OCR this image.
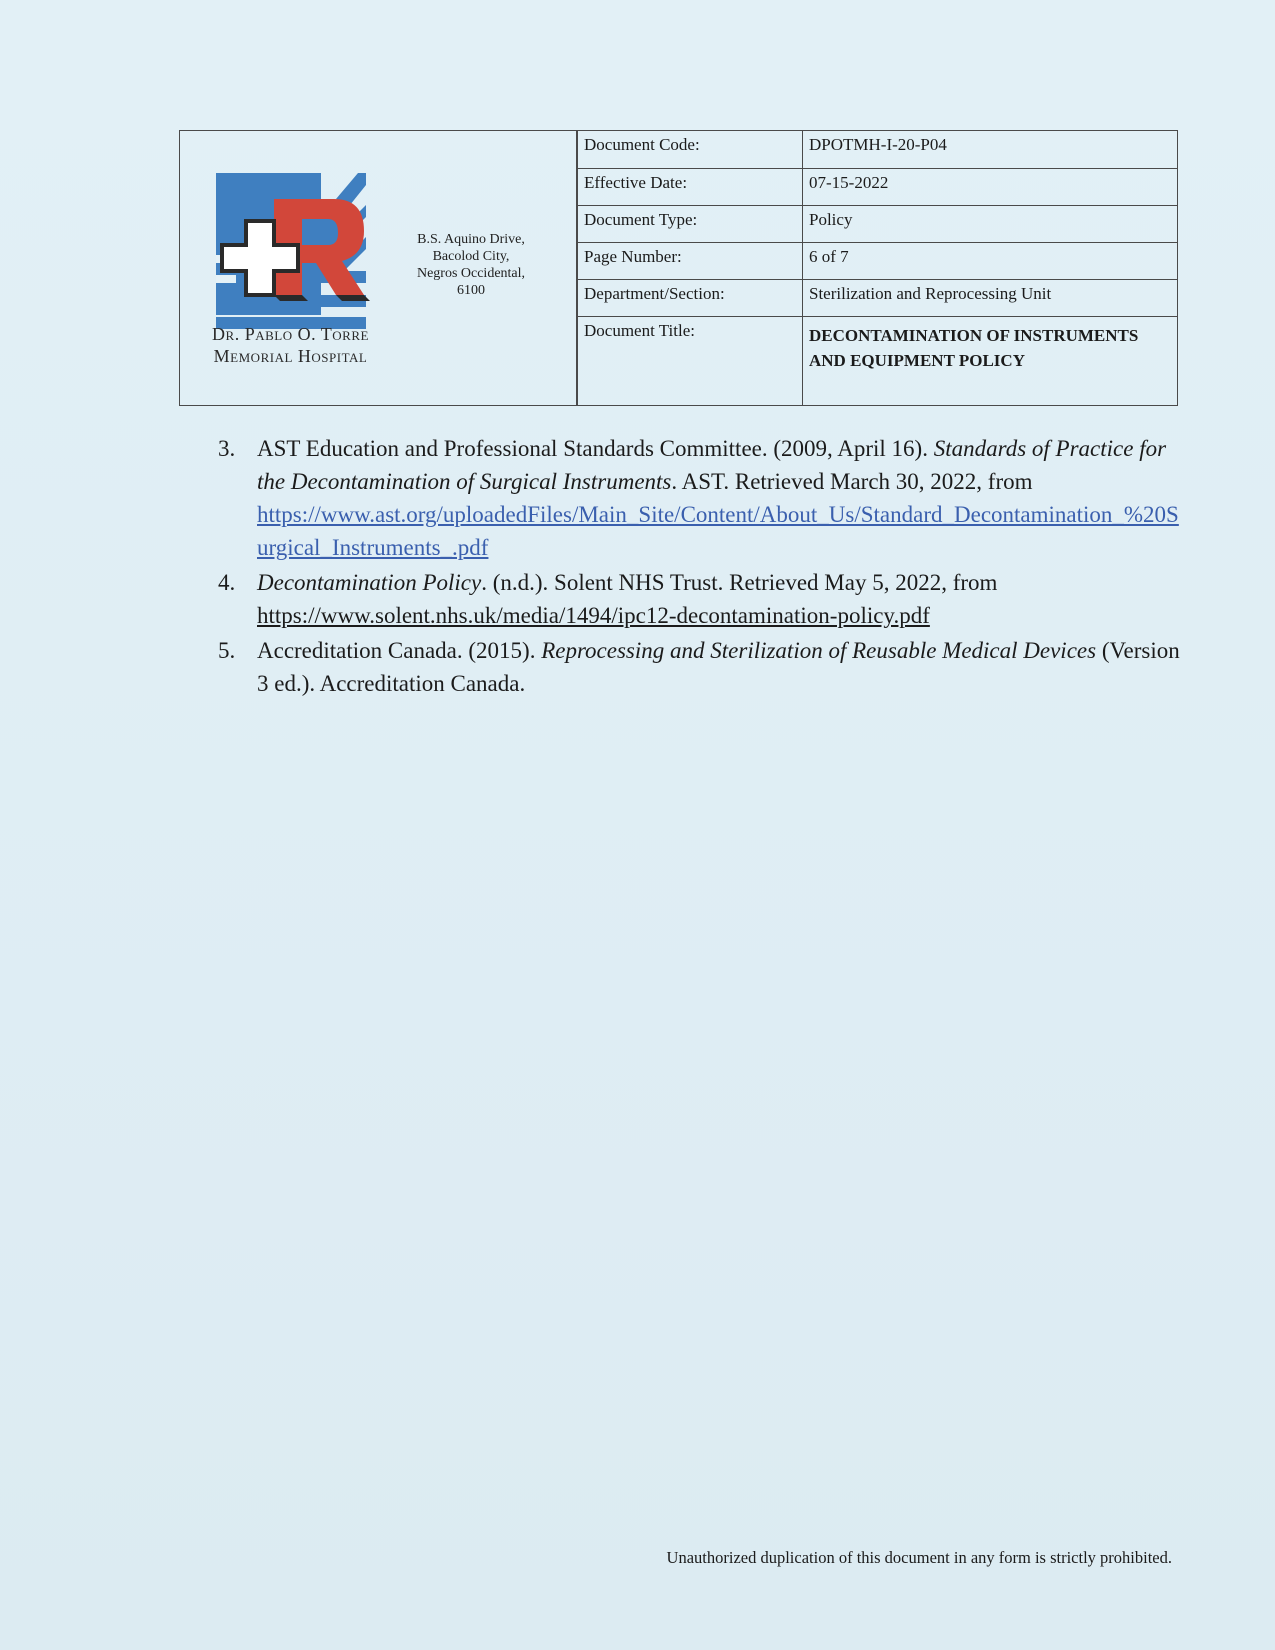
Dr. Pablo O. Torre
Memorial Hospital
B.S. Aquino Drive,
Bacolod City,
Negros Occidental,
6100
Document Code:	DPOTMH-I-20-P04
Effective Date:	07-15-2022
Document Type:	Policy
Page Number:	6 of 7
Department/Section:	Sterilization and Reprocessing Unit
Document Title:	DECONTAMINATION OF INSTRUMENTS AND EQUIPMENT POLICY
3. AST Education and Professional Standards Committee. (2009, April 16). Standards of Practice for the Decontamination of Surgical Instruments. AST. Retrieved March 30, 2022, from
https://www.ast.org/uploadedFiles/Main_Site/Content/About_Us/Standard_Decontamination_%20Surgical_Instruments_.pdf
4. Decontamination Policy. (n.d.). Solent NHS Trust. Retrieved May 5, 2022, from
https://www.solent.nhs.uk/media/1494/ipc12-decontamination-policy.pdf
5. Accreditation Canada. (2015). Reprocessing and Sterilization of Reusable Medical Devices (Version 3 ed.). Accreditation Canada.
Unauthorized duplication of this document in any form is strictly prohibited.
